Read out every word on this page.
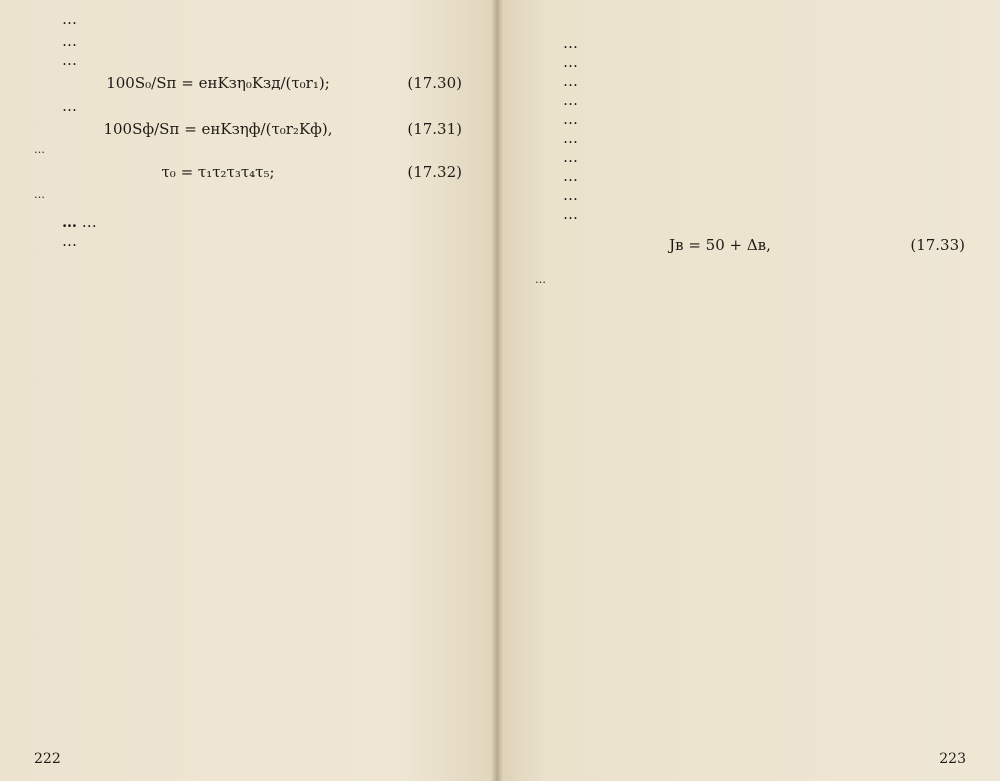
…

…

…

100S₀/Sп = eнKзη₀Kзд/(τ₀r₁);	(17.30)

…

100Sф/Sп = eнKзηф/(τ₀r₂Kф),	(17.31)

…

τ₀ = τ₁τ₂τ₃τ₄τ₅;	(17.32)

…

… …

…

222

…

…

…

…

…

…

…

…

…

…

Jв = 50 + Δв,	(17.33)

…

223
